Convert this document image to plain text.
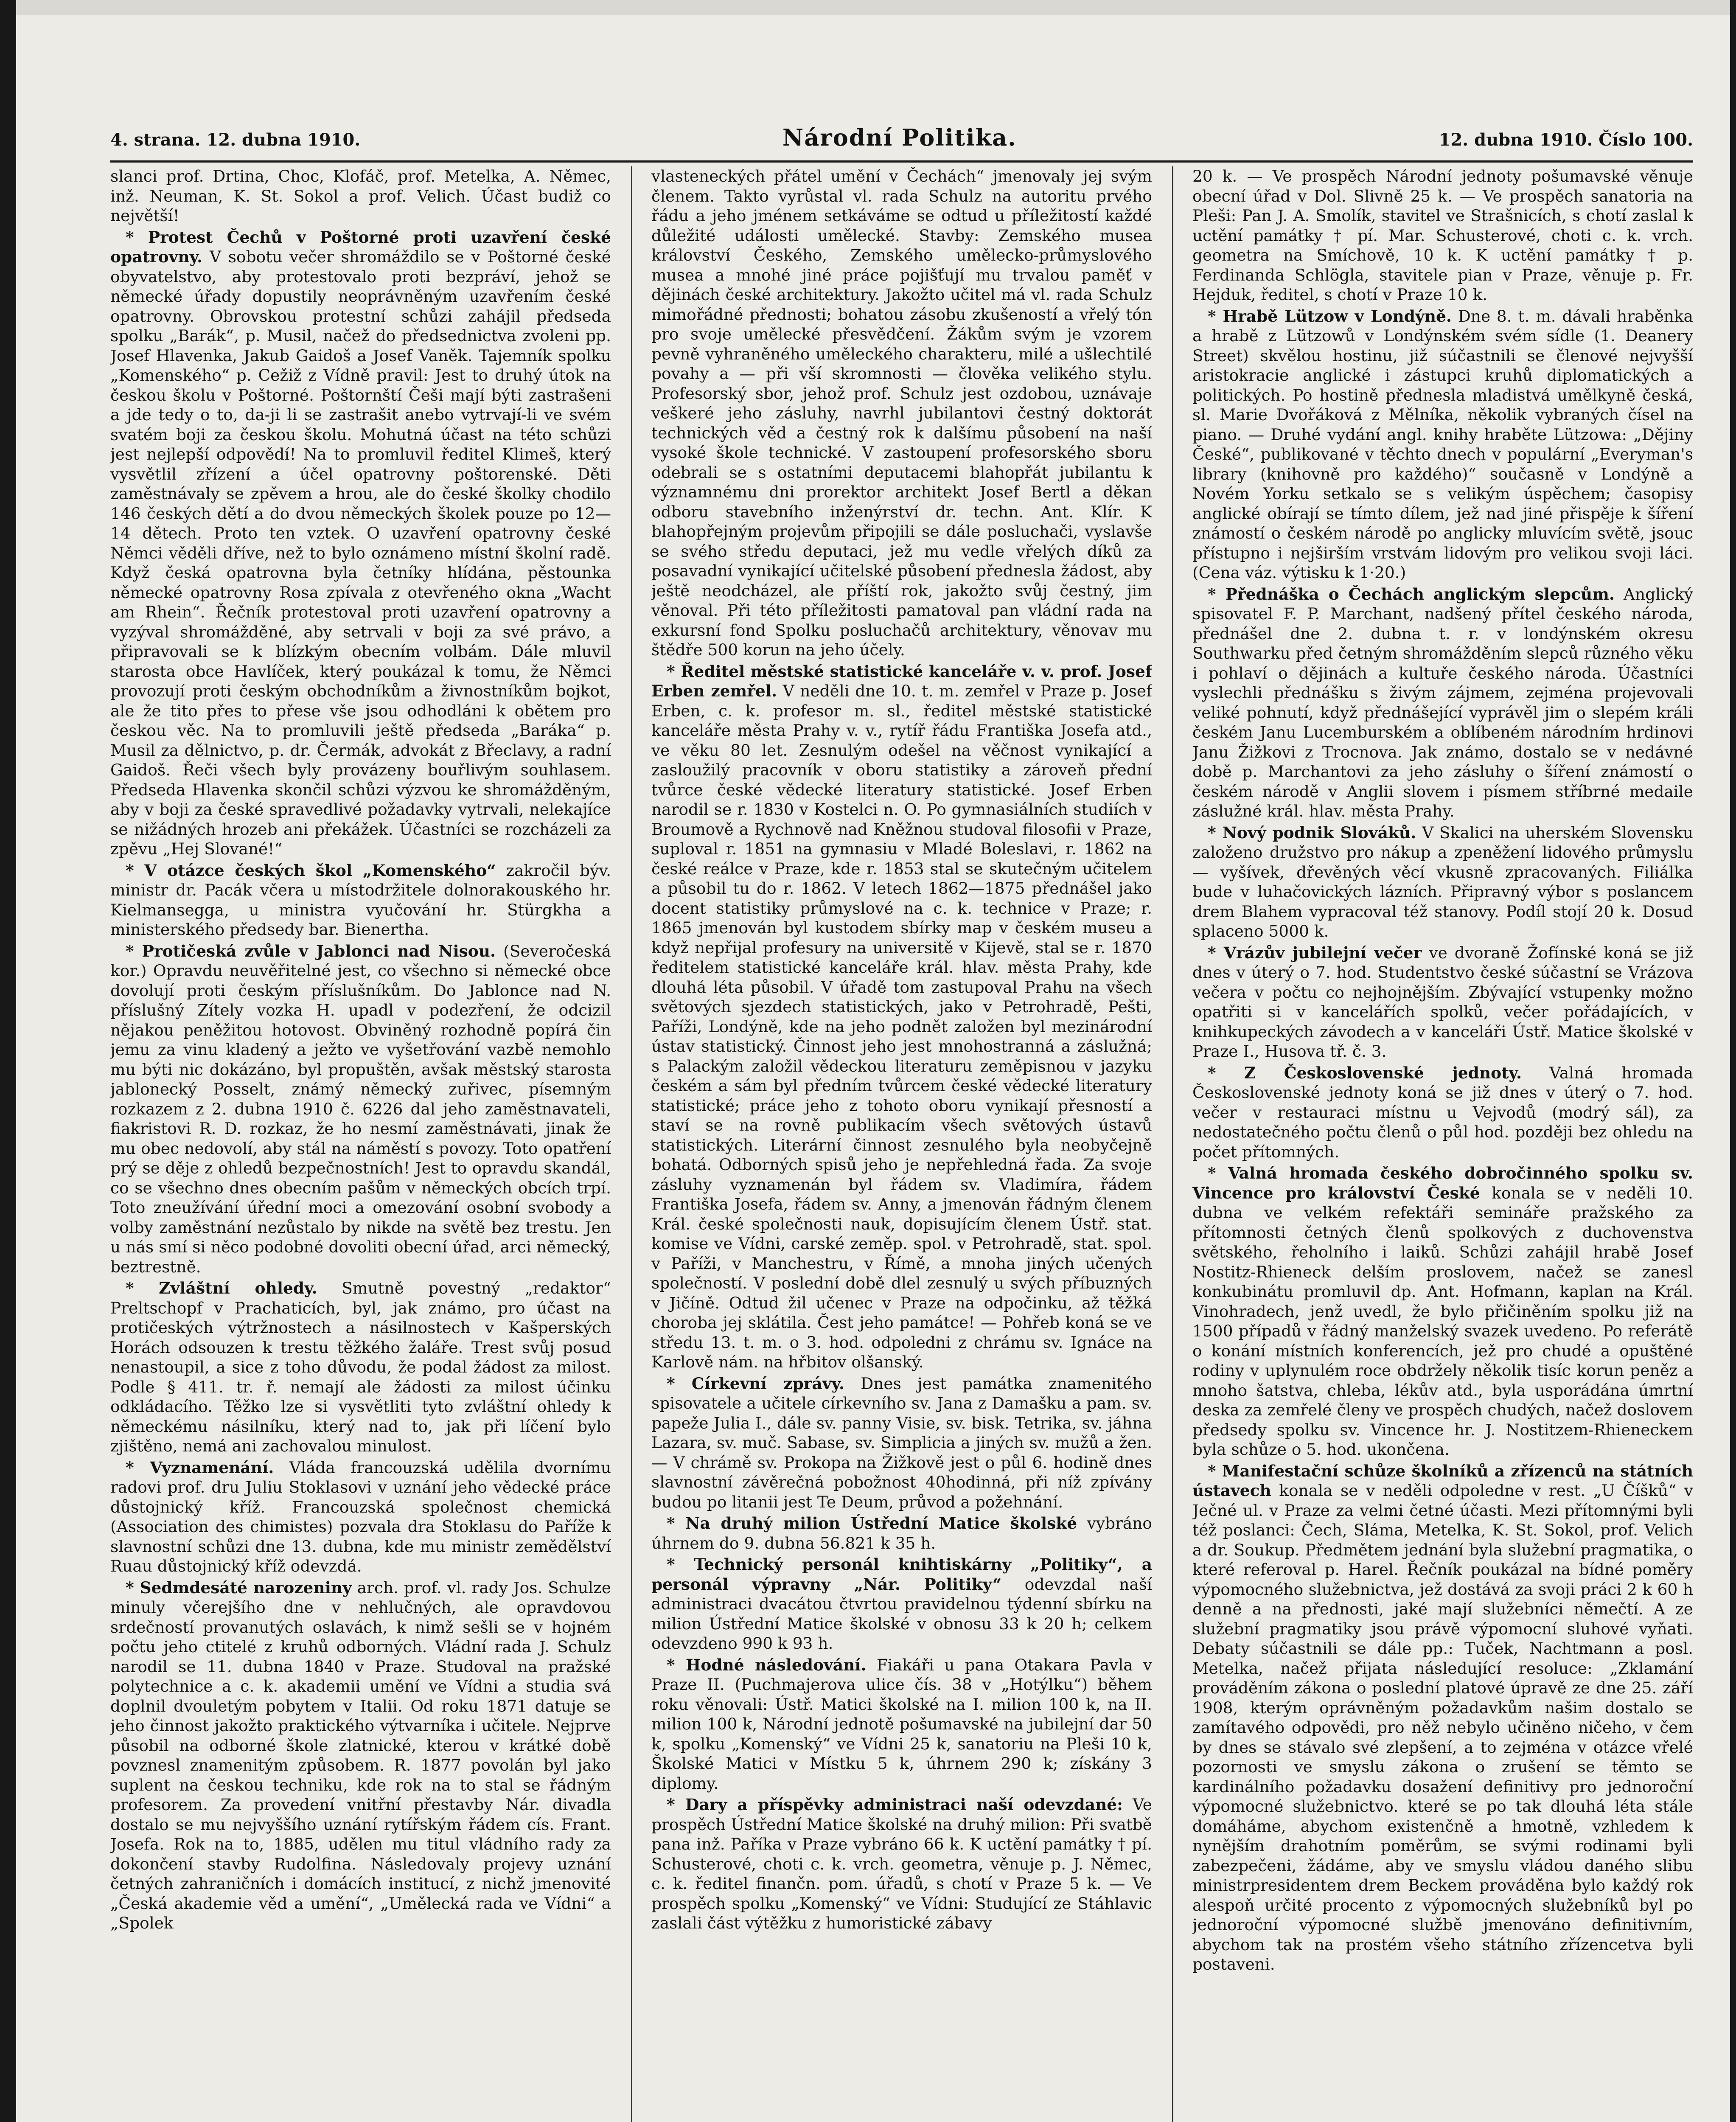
4. strana. 12. dubna 1910.	Národní Politika.	12. dubna 1910. Číslo 100.

slanci prof. Drtina, Choc, Klofáč, prof. Metelka, A. Němec, inž. Neuman, K. St. Sokol a prof. Velich. Účast budiž co největší!

* Protest Čechů v Poštorné proti uzavření české opatrovny. V sobotu večer shromáždilo se v Poštorné české obyvatelstvo, aby protestovalo proti bezpráví, jehož se německé úřady dopustily neoprávněným uzavřením české opatrovny. Obrovskou protestní schůzi zahájil předseda spolku „Barák“, p. Musil, načež do předsednictva zvoleni pp. Josef Hlavenka, Jakub Gaidoš a Josef Vaněk. Tajemník spolku „Komenského“ p. Cežiž z Vídně pravil: Jest to druhý útok na českou školu v Poštorné. Poštornští Češi mají býti zastrašeni a jde tedy o to, da-ji li se zastrašit anebo vytrvají-li ve svém svatém boji za českou školu. Mohutná účast na této schůzi jest nejlepší odpovědí! Na to promluvil ředitel Klimeš, který vysvětlil zřízení a účel opatrovny poštorenské. Děti zaměstnávaly se zpěvem a hrou, ale do české školky chodilo 146 českých dětí a do dvou německých školek pouze po 12—14 dětech. Proto ten vztek. O uzavření opatrovny české Němci věděli dříve, než to bylo oznámeno místní školní radě. Když česká opatrovna byla četníky hlídána, pěstounka německé opatrovny Rosa zpívala z otevřeného okna „Wacht am Rhein“. Řečník protestoval proti uzavření opatrovny a vyzýval shromážděné, aby setrvali v boji za své právo, a připravovali se k blízkým obecním volbám. Dále mluvil starosta obce Havlíček, který poukázal k tomu, že Němci provozují proti českým obchodníkům a živnostníkům bojkot, ale že tito přes to přese vše jsou odhodláni k obětem pro českou věc. Na to promluvili ještě předseda „Baráka“ p. Musil za dělnictvo, p. dr. Čermák, advokát z Břeclavy, a radní Gaidoš. Řeči všech byly provázeny bouřlivým souhlasem. Předseda Hlavenka skončil schůzi výzvou ke shromážděným, aby v boji za české spravedlivé požadavky vytrvali, nelekajíce se nižádných hrozeb ani překážek. Účastníci se rozcházeli za zpěvu „Hej Slované!“

* V otázce českých škol „Komenského“ zakročil býv. ministr dr. Pacák včera u místodržitele dolnorakouského hr. Kielmansegga, u ministra vyučování hr. Stürgkha a ministerského předsedy bar. Bienertha.

* Protičeská zvůle v Jablonci nad Nisou. (Severočeská kor.) Opravdu neuvěřitelné jest, co všechno si německé obce dovolují proti českým příslušníkům. Do Jablonce nad N. příslušný Zítely vozka H. upadl v podezření, že odcizil nějakou peněžitou hotovost. Obviněný rozhodně popírá čin jemu za vinu kladený a ježto ve vyšetřování vazbě nemohlo mu býti nic dokázáno, byl propuštěn, avšak městský starosta jablonecký Posselt, známý německý zuřivec, písemným rozkazem z 2. dubna 1910 č. 6226 dal jeho zaměstnavateli, fiakristovi R. D. rozkaz, že ho nesmí zaměstnávati, jinak že mu obec nedovolí, aby stál na náměstí s povozy. Toto opatření prý se děje z ohledů bezpečnostních! Jest to opravdu skandál, co se všechno dnes obecním pašům v německých obcích trpí. Toto zneužívání úřední moci a omezování osobní svobody a volby zaměstnání nezůstalo by nikde na světě bez trestu. Jen u nás smí si něco podobné dovoliti obecní úřad, arci německý, beztrestně.

* Zvláštní ohledy. Smutně povestný „redaktor“ Preltschopf v Prachaticích, byl, jak známo, pro účast na protičeských výtržnostech a násilnostech v Kašperských Horách odsouzen k trestu těžkého žaláře. Trest svůj posud nenastoupil, a sice z toho důvodu, že podal žádost za milost. Podle § 411. tr. ř. nemají ale žádosti za milost účinku odkládacího. Těžko lze si vysvětliti tyto zvláštní ohledy k německému násilníku, který nad to, jak při líčení bylo zjištěno, nemá ani zachovalou minulost.

* Vyznamenání. Vláda francouzská udělila dvornímu radovi prof. dru Juliu Stoklasovi v uznání jeho vědecké práce důstojnický kříž. Francouzská společnost chemická (Association des chimistes) pozvala dra Stoklasu do Paříže k slavnostní schůzi dne 13. dubna, kde mu ministr zemědělství Ruau důstojnický kříž odevzdá.

* Sedmdesáté narozeniny arch. prof. vl. rady Jos. Schulze minuly včerejšího dne v nehlučných, ale opravdovou srdečností provanutých oslavách, k nimž sešli se v hojném počtu jeho ctitelé z kruhů odborných. Vládní rada J. Schulz narodil se 11. dubna 1840 v Praze. Studoval na pražské polytechnice a c. k. akademii umění ve Vídni a studia svá doplnil dvouletým pobytem v Italii. Od roku 1871 datuje se jeho činnost jakožto praktického výtvarníka i učitele. Nejprve působil na odborné škole zlatnické, kterou v krátké době povznesl znamenitým způsobem. R. 1877 povolán byl jako suplent na českou techniku, kde rok na to stal se řádným profesorem. Za provedení vnitřní přestavby Nár. divadla dostalo se mu nejvyššího uznání rytířským řádem cís. Frant. Josefa. Rok na to, 1885, udělen mu titul vládního rady za dokončení stavby Rudolfina. Následovaly projevy uznání četných zahraničních i domácích institucí, z nichž jmenovité „Česká akademie věd a umění“, „Umělecká rada ve Vídni“ a „Spolek

vlasteneckých přátel umění v Čechách“ jmenovaly jej svým členem. Takto vyrůstal vl. rada Schulz na autoritu prvého řádu a jeho jménem setkáváme se odtud u příležitostí každé důležité události umělecké. Stavby: Zemského musea království Českého, Zemského umělecko-průmyslového musea a mnohé jiné práce pojišťují mu trvalou paměť v dějinách české architektury. Jakožto učitel má vl. rada Schulz mimořádné přednosti; bohatou zásobu zkušeností a vřelý tón pro svoje umělecké přesvědčení. Žákům svým je vzorem pevně vyhraněného uměleckého charakteru, milé a ušlechtilé povahy a — při vší skromnosti — člověka velikého stylu. Profesorský sbor, jehož prof. Schulz jest ozdobou, uznávaje veškeré jeho zásluhy, navrhl jubilantovi čestný doktorát technických věd a čestný rok k dalšímu působení na naší vysoké škole technické. V zastoupení profesorského sboru odebrali se s ostatními deputacemi blahopřát jubilantu k významnému dni prorektor architekt Josef Bertl a děkan odboru stavebního inženýrství dr. techn. Ant. Klír. K blahopřejným projevům připojili se dále posluchači, vyslavše se svého středu deputaci, jež mu vedle vřelých díků za posavadní vynikající učitelské působení přednesla žádost, aby ještě neodcházel, ale příští rok, jakožto svůj čestný, jim věnoval. Při této příležitosti pamatoval pan vládní rada na exkursní fond Spolku posluchačů architektury, věnovav mu štědře 500 korun na jeho účely.

* Ředitel městské statistické kanceláře v. v. prof. Josef Erben zemřel. V neděli dne 10. t. m. zemřel v Praze p. Josef Erben, c. k. profesor m. sl., ředitel městské statistické kanceláře města Prahy v. v., rytíř řádu Františka Josefa atd., ve věku 80 let. Zesnulým odešel na věčnost vynikající a zasloužilý pracovník v oboru statistiky a zároveň přední tvůrce české vědecké literatury statistické. Josef Erben narodil se r. 1830 v Kostelci n. O. Po gymnasiálních studiích v Broumově a Rychnově nad Kněžnou studoval filosofii v Praze, suploval r. 1851 na gymnasiu v Mladé Boleslavi, r. 1862 na české reálce v Praze, kde r. 1853 stal se skutečným učitelem a působil tu do r. 1862. V letech 1862—1875 přednášel jako docent statistiky průmyslové na c. k. technice v Praze; r. 1865 jmenován byl kustodem sbírky map v českém museu a když nepřijal profesury na universitě v Kijevě, stal se r. 1870 ředitelem statistické kanceláře král. hlav. města Prahy, kde dlouhá léta působil. V úřadě tom zastupoval Prahu na všech světových sjezdech statistických, jako v Petrohradě, Pešti, Paříži, Londýně, kde na jeho podnět založen byl mezinárodní ústav statistický. Činnost jeho jest mnohostranná a záslužná; s Palackým založil vědeckou literaturu zeměpisnou v jazyku českém a sám byl předním tvůrcem české vědecké literatury statistické; práce jeho z tohoto oboru vynikají přesností a staví se na rovně publikacím všech světových ústavů statistických. Literární činnost zesnulého byla neobyčejně bohatá. Odborných spisů jeho je nepřehledná řada. Za svoje zásluhy vyznamenán byl řádem sv. Vladimíra, řádem Františka Josefa, řádem sv. Anny, a jmenován řádným členem Král. české společnosti nauk, dopisujícím členem Ústř. stat. komise ve Vídni, carské zeměp. spol. v Petrohradě, stat. spol. v Paříži, v Manchestru, v Římě, a mnoha jiných učených společností. V poslední době dlel zesnulý u svých příbuzných v Jičíně. Odtud žil učenec v Praze na odpočinku, až těžká choroba jej sklátila. Čest jeho památce! — Pohřeb koná se ve středu 13. t. m. o 3. hod. odpoledni z chrámu sv. Ignáce na Karlově nám. na hřbitov olšanský.

* Církevní zprávy. Dnes jest památka znamenitého spisovatele a učitele církevního sv. Jana z Damašku a pam. sv. papeže Julia I., dále sv. panny Visie, sv. bisk. Tetrika, sv. jáhna Lazara, sv. muč. Sabase, sv. Simplicia a jiných sv. mužů a žen. — V chrámě sv. Prokopa na Žižkově jest o půl 6. hodině dnes slavnostní závěrečná pobožnost 40hodinná, při níž zpívány budou po litanii jest Te Deum, průvod a požehnání.

* Na druhý milion Ústřední Matice školské vybráno úhrnem do 9. dubna 56.821 k 35 h.

* Technický personál knihtiskárny „Politiky“, a personál výpravny „Nár. Politiky“ odevzdal naší administraci dvacátou čtvrtou pravidelnou týdenní sbírku na milion Ústřední Matice školské v obnosu 33 k 20 h; celkem odevzdeno 990 k 93 h.

* Hodné následování. Fiakáři u pana Otakara Pavla v Praze II. (Puchmajerova ulice čís. 38 v „Hotýlku“) během roku věnovali: Ústř. Matici školské na I. milion 100 k, na II. milion 100 k, Národní jednotě pošumavské na jubilejní dar 50 k, spolku „Komenský“ ve Vídni 25 k, sanatoriu na Pleši 10 k, Školské Matici v Místku 5 k, úhrnem 290 k; získány 3 diplomy.

* Dary a příspěvky administraci naší odevzdané: Ve prospěch Ústřední Matice školské na druhý milion: Při svatbě pana inž. Paříka v Praze vybráno 66 k. K uctění památky † pí. Schusterové, choti c. k. vrch. geometra, věnuje p. J. Němec, c. k. ředitel finančn. pom. úřadů, s chotí v Praze 5 k. — Ve prospěch spolku „Komenský“ ve Vídni: Studující ze Stáhlavic zaslali část výtěžku z humoristické zábavy

20 k. — Ve prospěch Národní jednoty pošumavské věnuje obecní úřad v Dol. Slivně 25 k. — Ve prospěch sanatoria na Pleši: Pan J. A. Smolík, stavitel ve Strašnicích, s chotí zaslal k uctění památky † pí. Mar. Schusterové, choti c. k. vrch. geometra na Smíchově, 10 k. K uctění památky † p. Ferdinanda Schlögla, stavitele pian v Praze, věnuje p. Fr. Hejduk, ředitel, s chotí v Praze 10 k.

* Hrabě Lützow v Londýně. Dne 8. t. m. dávali hraběnka a hrabě z Lützowů v Londýnském svém sídle (1. Deanery Street) skvělou hostinu, již súčastnili se členové nejvyšší aristokracie anglické i zástupci kruhů diplomatických a politických. Po hostině přednesla mladistvá umělkyně česká, sl. Marie Dvořáková z Mělníka, několik vybraných čísel na piano. — Druhé vydání angl. knihy hraběte Lützowa: „Dějiny České“, publikované v těchto dnech v populární „Everyman's library (knihovně pro každého)“ současně v Londýně a Novém Yorku setkalo se s velikým úspěchem; časopisy anglické obírají se tímto dílem, jež nad jiné přispěje k šíření známostí o českém národě po anglicky mluvícím světě, jsouc přístupno i nejširším vrstvám lidovým pro velikou svoji láci. (Cena váz. výtisku k 1·20.)

* Přednáška o Čechách anglickým slepcům. Anglický spisovatel F. P. Marchant, nadšený přítel českého národa, přednášel dne 2. dubna t. r. v londýnském okresu Southwarku před četným shromážděním slepců různého věku i pohlaví o dějinách a kultuře českého národa. Účastníci vyslechli přednášku s živým zájmem, zejména projevovali veliké pohnutí, když přednášející vyprávěl jim o slepém králi českém Janu Lucemburském a oblíbeném národním hrdinovi Janu Žižkovi z Trocnova. Jak známo, dostalo se v nedávné době p. Marchantovi za jeho zásluhy o šíření známostí o českém národě v Anglii slovem i písmem stříbrné medaile záslužné král. hlav. města Prahy.

* Nový podnik Slováků. V Skalici na uherském Slovensku založeno družstvo pro nákup a zpeněžení lidového průmyslu — vyšívek, dřevěných věcí vkusně zpracovaných. Filiálka bude v luhačovických lázních. Připravný výbor s poslancem drem Blahem vypracoval též stanovy. Podíl stojí 20 k. Dosud splaceno 5000 k.

* Vrázův jubilejní večer ve dvoraně Žofínské koná se již dnes v úterý o 7. hod. Studentstvo české súčastní se Vrázova večera v počtu co nejhojnějším. Zbývající vstupenky možno opatřiti si v kancelářích spolků, večer pořádajících, v knihkupeckých závodech a v kanceláři Ústř. Matice školské v Praze I., Husova tř. č. 3.

* Z Československé jednoty. Valná hromada Československé jednoty koná se již dnes v úterý o 7. hod. večer v restauraci místnu u Vejvodů (modrý sál), za nedostatečného počtu členů o půl hod. později bez ohledu na počet přítomných.

* Valná hromada českého dobročinného spolku sv. Vincence pro království České konala se v neděli 10. dubna ve velkém refektáři semináře pražského za přítomnosti četných členů spolkových z duchovenstva světského, řeholního i laiků. Schůzi zahájil hrabě Josef Nostitz-Rhieneck delším proslovem, načež se zanesl konkubinátu promluvil dp. Ant. Hofmann, kaplan na Král. Vinohradech, jenž uvedl, že bylo přičiněním spolku již na 1500 případů v řádný manželský svazek uvedeno. Po referátě o konání místních konferencích, jež pro chudé a opuštěné rodiny v uplynulém roce obdržely několik tisíc korun peněz a mnoho šatstva, chleba, lékův atd., byla usporádána úmrtní deska za zemřelé členy ve prospěch chudých, načež doslovem předsedy spolku sv. Vincence hr. J. Nostitzem-Rhieneckem byla schůze o 5. hod. ukončena.

* Manifestační schůze školníků a zřízenců na státních ústavech konala se v neděli odpoledne v rest. „U Číšků“ v Ječné ul. v Praze za velmi četné účasti. Mezi přítomnými byli též poslanci: Čech, Sláma, Metelka, K. St. Sokol, prof. Velich a dr. Soukup. Předmětem jednání byla služební pragmatika, o které referoval p. Harel. Řečník poukázal na bídné poměry výpomocného služebnictva, jež dostává za svoji práci 2 k 60 h denně a na přednosti, jaké mají služebníci němečtí. A ze služební pragmatiky jsou právě výpomocní sluhové vyňati. Debaty súčastnili se dále pp.: Tuček, Nachtmann a posl. Metelka, načež přijata následující resoluce: „Zklamání prováděním zákona o poslední platové úpravě ze dne 25. září 1908, kterým oprávněným požadavkům našim dostalo se zamítavého odpovědi, pro něž nebylo učiněno ničeho, v čem by dnes se stávalo své zlepšení, a to zejména v otázce vřelé pozornosti ve smyslu zákona o zrušení se těmto se kardinálního požadavku dosažení definitivy pro jednoroční výpomocné služebnictvo. které se po tak dlouhá léta stále domáháme, abychom existenčně a hmotně, vzhledem k nynějším drahotním poměrům, se svými rodinami byli zabezpečeni, žádáme, aby ve smyslu vládou daného slibu ministrpresidentem drem Beckem prováděna bylo každý rok alespoň určité procento z výpomocných služebníků byl po jednoroční výpomocné službě jmenováno definitivním, abychom tak na prostém všeho státního zřízencetva byli postaveni.
